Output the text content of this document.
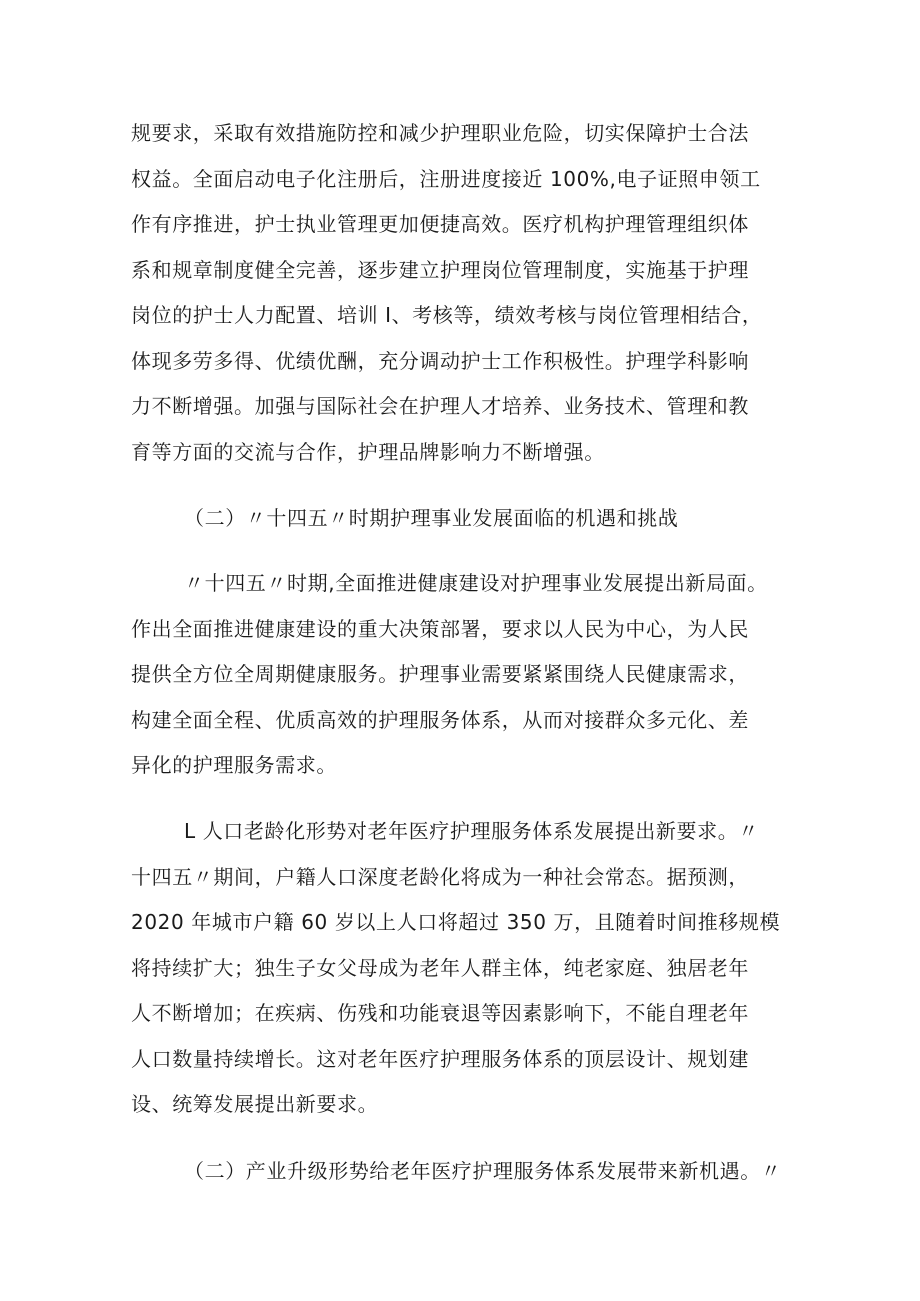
规要求，采取有效措施防控和减少护理职业危险，切实保障护士合法
权益。全面启动电子化注册后，注册进度接近 100%,电子证照申领工
作有序推进，护士执业管理更加便捷高效。医疗机构护理管理组织体
系和规章制度健全完善，逐步建立护理岗位管理制度，实施基于护理
岗位的护士人力配置、培训 I、考核等，绩效考核与岗位管理相结合，
体现多劳多得、优绩优酬，充分调动护士工作积极性。护理学科影响
力不断增强。加强与国际社会在护理人才培养、业务技术、管理和教
育等方面的交流与合作，护理品牌影响力不断增强。
（二）〃十四五〃时期护理事业发展面临的机遇和挑战
〃十四五〃时期,全面推进健康建设对护理事业发展提出新局面。
作出全面推进健康建设的重大决策部署，要求以人民为中心，为人民
提供全方位全周期健康服务。护理事业需要紧紧围绕人民健康需求，
构建全面全程、优质高效的护理服务体系，从而对接群众多元化、差
异化的护理服务需求。
L 人口老龄化形势对老年医疗护理服务体系发展提出新要求。〃
十四五〃期间，户籍人口深度老龄化将成为一种社会常态。据预测，
2020 年城市户籍 60 岁以上人口将超过 350 万，且随着时间推移规模
将持续扩大；独生子女父母成为老年人群主体，纯老家庭、独居老年
人不断增加；在疾病、伤残和功能衰退等因素影响下，不能自理老年
人口数量持续增长。这对老年医疗护理服务体系的顶层设计、规划建
设、统筹发展提出新要求。
（二）产业升级形势给老年医疗护理服务体系发展带来新机遇。〃
